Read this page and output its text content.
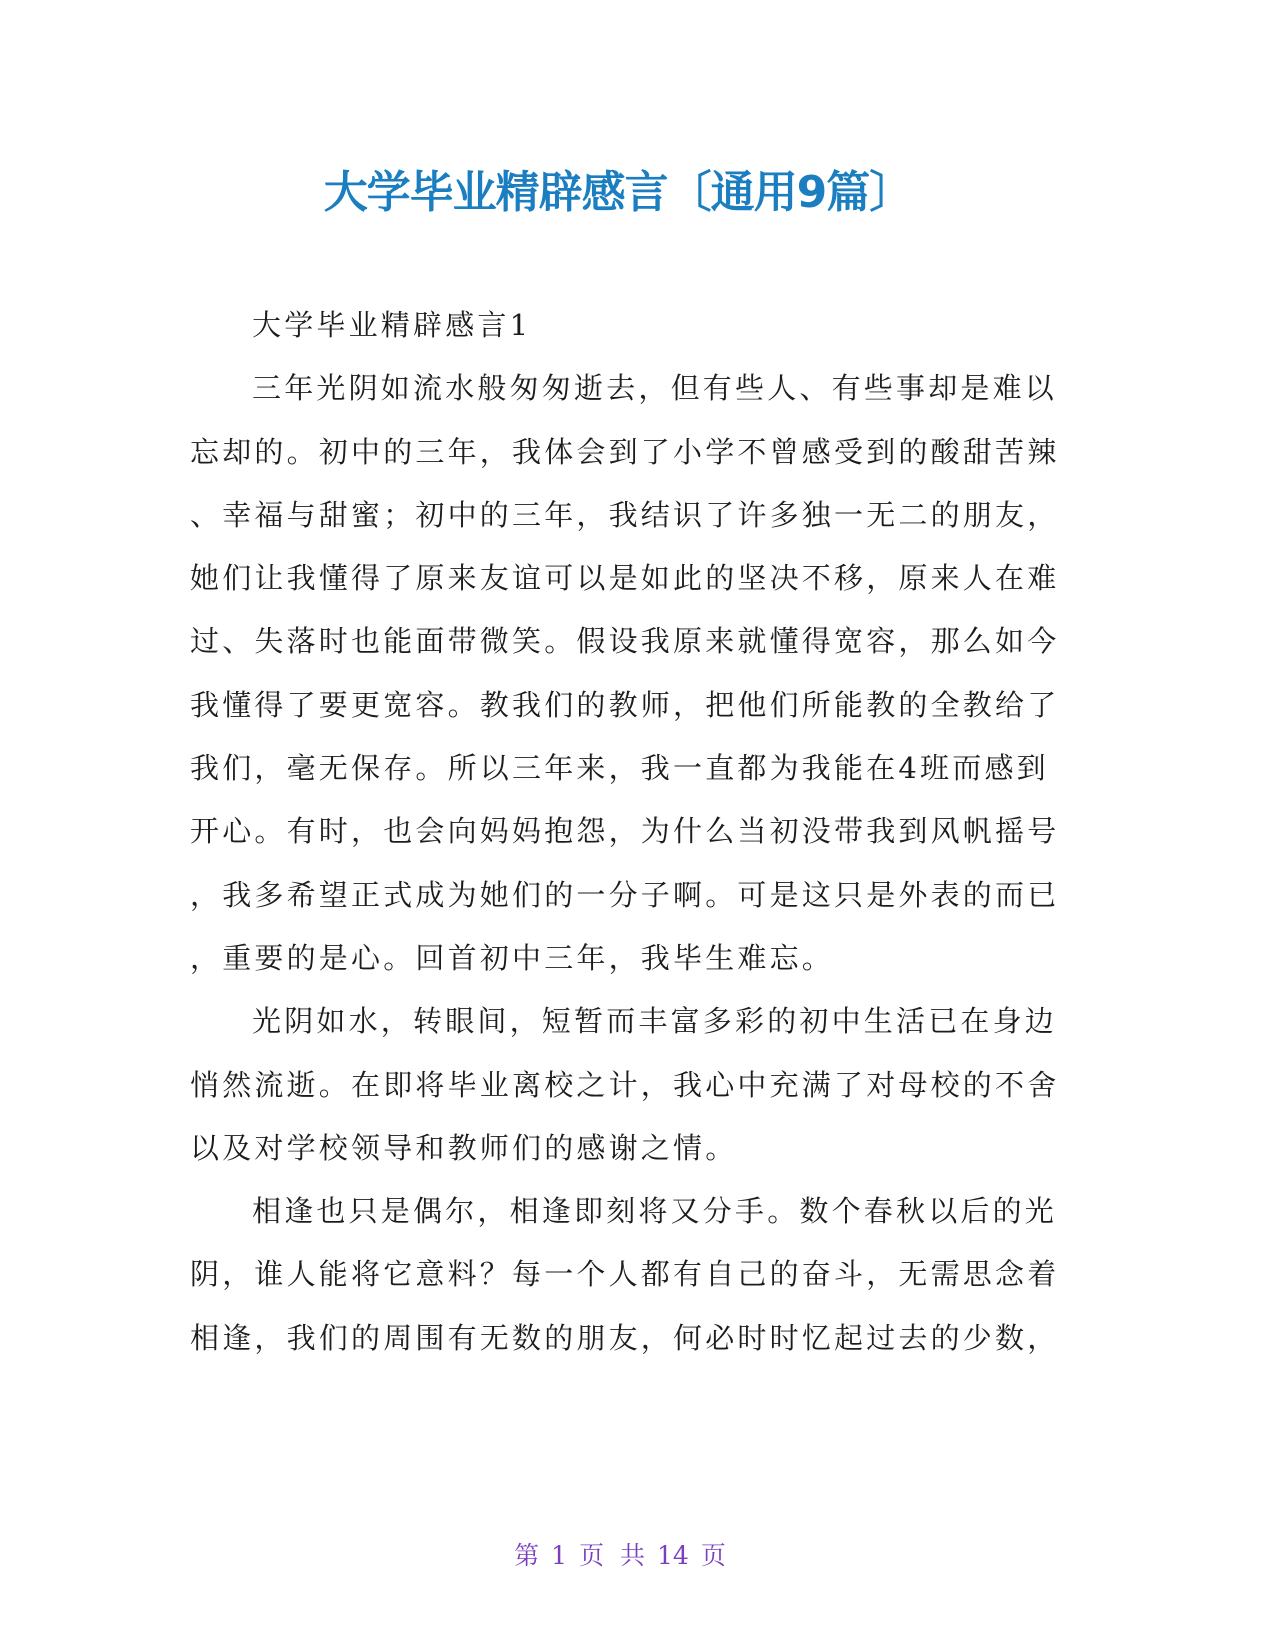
大学毕业精辟感言〔通用9篇〕
大学毕业精辟感言1
三年光阴如流水般匆匆逝去，但有些人、有些事却是难以
忘却的。初中的三年，我体会到了小学不曾感受到的酸甜苦辣
、幸福与甜蜜；初中的三年，我结识了许多独一无二的朋友，
她们让我懂得了原来友谊可以是如此的坚决不移，原来人在难
过、失落时也能面带微笑。假设我原来就懂得宽容，那么如今
我懂得了要更宽容。教我们的教师，把他们所能教的全教给了
我们，毫无保存。所以三年来，我一直都为我能在4班而感到
开心。有时，也会向妈妈抱怨，为什么当初没带我到风帆摇号
，我多希望正式成为她们的一分子啊。可是这只是外表的而已
，重要的是心。回首初中三年，我毕生难忘。
光阴如水，转眼间，短暂而丰富多彩的初中生活已在身边
悄然流逝。在即将毕业离校之计，我心中充满了对母校的不舍
以及对学校领导和教师们的感谢之情。
相逢也只是偶尔，相逢即刻将又分手。数个春秋以后的光
阴，谁人能将它意料？每一个人都有自己的奋斗，无需思念着
相逢，我们的周围有无数的朋友，何必时时忆起过去的少数，
第 1 页 共 14 页
